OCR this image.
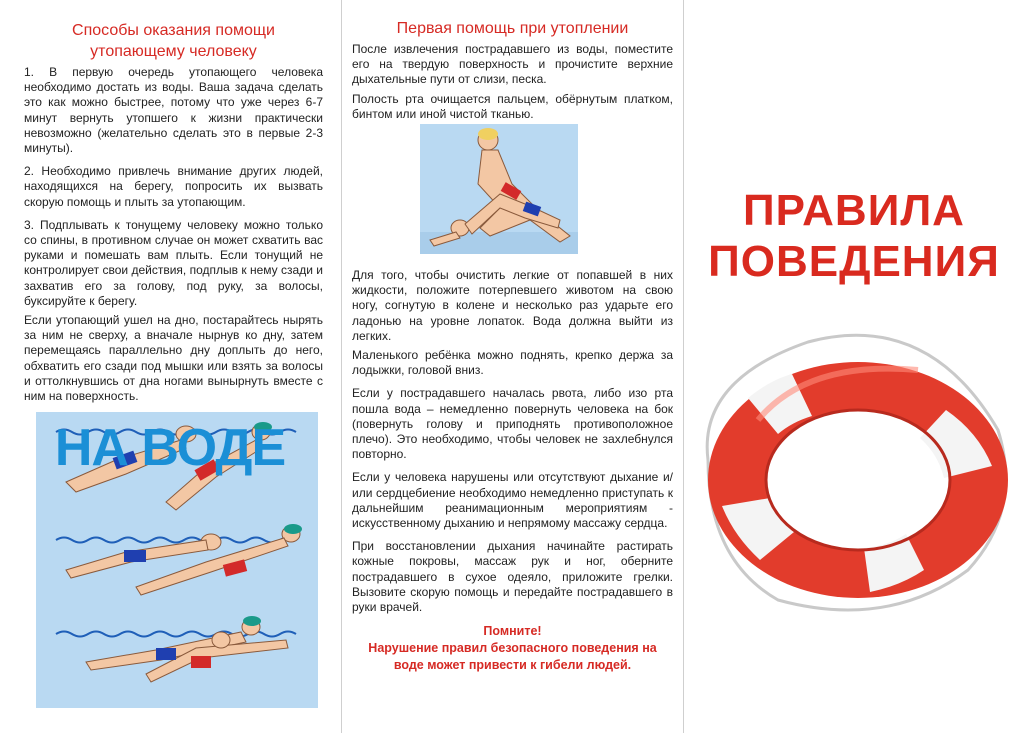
Способы оказания помощи утопающему человеку

1. В первую очередь утопающего человека необходимо достать из воды. Ваша задача сделать это как можно быстрее, потому что уже через 6-7 минут вернуть утопшего к жизни практически невозможно (желательно сделать это в первые 2-3 минуты).

2. Необходимо привлечь внимание других людей, находящихся на берегу, попросить их вызвать скорую помощь и плыть за утопающим.

3. Подплывать к тонущему человеку можно только со спины, в противном случае он может схватить вас руками и помешать вам плыть. Если тонущий не контролирует свои действия, подплыв к нему сзади и захватив его за голову, под руку, за волосы, буксируйте к берегу.

Если утопающий ушел на дно, постарайтесь нырять за ним не сверху, а вначале нырнув ко дну, затем перемещаясь параллельно дну доплыть до него, обхватить его сзади под мышки или взять за волосы и оттолкнувшись от дна ногами вынырнуть вместе с ним на поверхность.

Первая помощь при утоплении

После извлечения пострадавшего из воды, поместите его на твердую поверхность и прочистите верхние дыхательные пути от слизи, песка.

Полость рта очищается пальцем, обёрнутым платком, бинтом или иной чистой тканью.

Для того, чтобы очистить легкие от попавшей в них жидкости, положите потерпевшего животом на свою ногу, согнутую в колене и несколько раз ударьте его ладонью на уровне лопаток. Вода должна выйти из легких.

Маленького ребёнка можно поднять, крепко держа за лодыжки, головой вниз.

Если у пострадавшего началась рвота, либо изо рта пошла вода – немедленно повернуть человека на бок (повернуть голову и приподнять противоположное плечо). Это необходимо, чтобы человек не захлебнулся повторно.

Если у человека нарушены или отсутствуют дыхание и/или сердцебиение необходимо немедленно приступать к дальнейшим реанимационным мероприятиям - искусственному дыханию и непрямому массажу сердца.

При восстановлении дыхания начинайте растирать кожные покровы, массаж рук и ног, оберните пострадавшего в сухое одеяло, приложите грелки. Вызовите скорую помощь и передайте пострадавшего в руки врачей.

Помните!

Нарушение правил безопасного поведения на воде может привести к гибели людей.

ПРАВИЛА
ПОВЕДЕНИЯ
НА ВОДЕ
